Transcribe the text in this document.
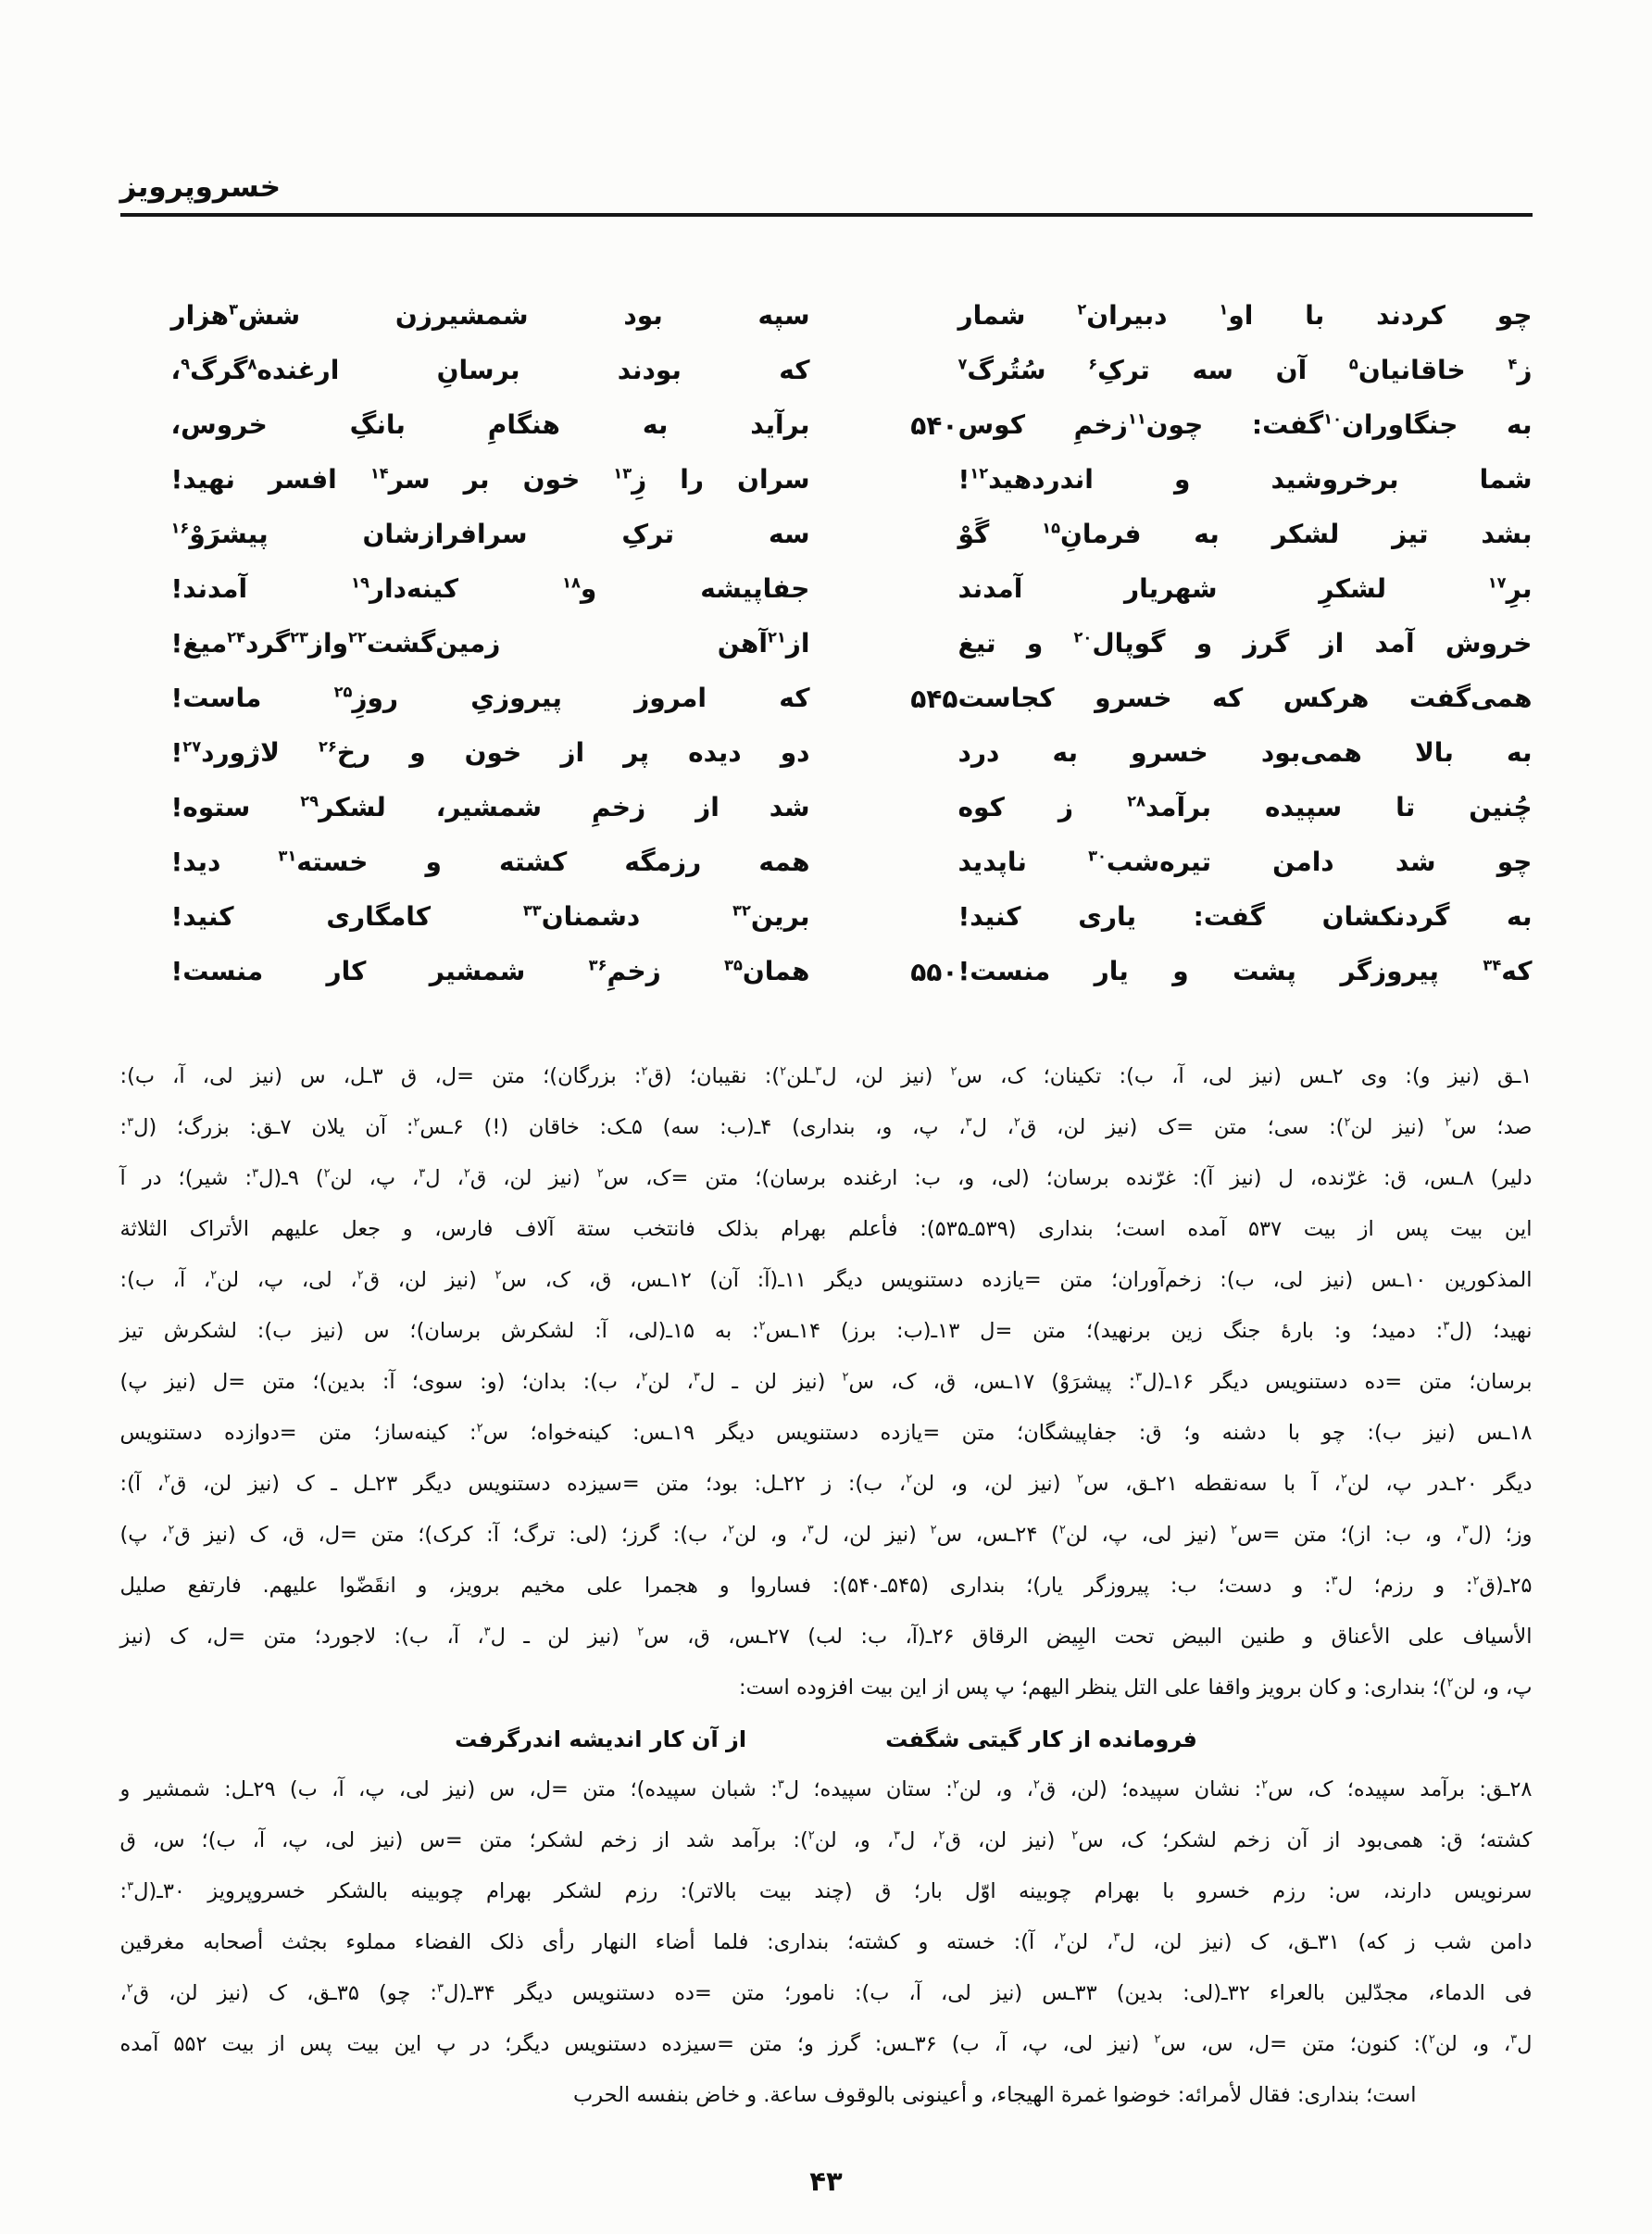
خسروپرویز
چو کردند با او$^۱$ دبیران$^۲$ شمار
سپه بود شمشیرزن شش$^۳$هزار
ز$^۴$ خاقانیان$^۵$ آن سه ترکِ$^۶$ سُتُرگ$^۷$
که بودند برسانِ ارغنده$^۸$گرگ$^۹$،
به جنگاوران$^{۱۰}$گفت: چون$^{۱۱}$زخمِ کوس
۵۴۰
برآید به هنگامِ بانگِ خروس،
شما برخروشید و اندردهید$^{۱۲}$!
سران را زِ$^{۱۳}$ خون بر سر$^{۱۴}$ افسر نهید!
بشد تیز لشکر به فرمانِ$^{۱۵}$ گَوْ
سه ترکِ سرافرازشان پیشرَوْ$^{۱۶}$
برِ$^{۱۷}$ لشکرِ شهریار آمدند
جفاپیشه و$^{۱۸}$ کینه‌دار$^{۱۹}$ آمدند!
خروش آمد از گرز و گوپال$^{۲۰}$ و تیغ
از$^{۲۱}$آهن زمین‌گشت$^{۲۲}$واز$^{۲۳}$گرد$^{۲۴}$میغ!
همی‌گفت هرکس که خسرو کجاست
۵۴۵
که امروز پیروزیِ روزِ$^{۲۵}$ ماست!
به بالا همی‌بود خسرو به درد
دو دیده پر از خون و رخ$^{۲۶}$ لاژورد$^{۲۷}$!
چُنین تا سپیده برآمد$^{۲۸}$ ز کوه
شد از زخمِ شمشیر، لشکر$^{۲۹}$ ستوه!
چو شد دامن تیره‌شب$^{۳۰}$ ناپدید
همه رزمگه کشته و خسته$^{۳۱}$ دید!
به گردنکشان گفت: یاری کنید!
برین$^{۳۲}$ دشمنان$^{۳۳}$ کامگاری کنید!
که$^{۳۴}$ پیروزگر پشت و یار منست!
۵۵۰
همان$^{۳۵}$ زخمِ$^{۳۶}$ شمشیر کار منست!
۱ـق (نیز و): وی ۲ـس (نیز لی، آ، ب): تکینان؛ ک، س$^۲$ (نیز لن، ل$^۳$ـلن$^۲$): نقیبان؛ (ق$^۲$: بزرگان)؛ متن =ل، ق ۳ـل، س (نیز لی، آ، ب):
صد؛ س$^۲$ (نیز لن$^۲$): سی؛ متن =ک (نیز لن، ق$^۲$، ل$^۳$، پ، و، بنداری) ۴ـ(ب: سه) ۵ـک: خاقان (!) ۶ـس$^۲$: آن یلان ۷ـق: بزرگ؛ (ل$^۳$:
دلیر) ۸ـس، ق: غرّنده، ل (نیز آ): غرّنده برسان؛ (لی، و، ب: ارغنده برسان)؛ متن =ک، س$^۲$ (نیز لن، ق$^۲$، ل$^۳$، پ، لن$^۲$) ۹ـ(ل$^۳$: شیر)؛ در آ
این بیت پس از بیت ۵۳۷ آمده است؛ بنداری (۵۳۹ـ۵۳۵): فأعلم بهرام بذلک فانتخب ستة آلاف فارس، و جعل علیهم الأتراک الثلاثة
المذکورین ۱۰ـس (نیز لی، ب): زخم‌آوران؛ متن =یازده دستنویس دیگر ۱۱ـ(آ: آن) ۱۲ـس، ق، ک، س$^۲$ (نیز لن، ق$^۲$، لی، پ، لن$^۲$، آ، ب):
نهید؛ (ل$^۳$: دمید؛ و: بارۀ جنگ زین برنهید)؛ متن =ل ۱۳ـ(ب: برز) ۱۴ـس$^۲$: به ۱۵ـ(لی، آ: لشکرش برسان)؛ س (نیز ب): لشکرش تیز
برسان؛ متن =ده دستنویس دیگر ۱۶ـ(ل$^۳$: پیشرَوْ) ۱۷ـس، ق، ک، س$^۲$ (نیز لن ـ ل$^۳$، لن$^۲$، ب): بدان؛ (و: سوی؛ آ: بدین)؛ متن =ل (نیز پ)
۱۸ـس (نیز ب): چو با دشنه و؛ ق: جفاپیشگان؛ متن =یازده دستنویس دیگر ۱۹ـس: کینه‌خواه؛ س$^۲$: کینه‌ساز؛ متن =دوازده دستنویس
دیگر ۲۰ـدر پ، لن$^۲$، آ با سه‌نقطه ۲۱ـق، س$^۲$ (نیز لن، و، لن$^۲$، ب): ز ۲۲ـل: بود؛ متن =سیزده دستنویس دیگر ۲۳ـل ـ ک (نیز لن، ق$^۲$، آ):
وز؛ (ل$^۳$، و، ب: از)؛ متن =س$^۲$ (نیز لی، پ، لن$^۲$) ۲۴ـس، س$^۲$ (نیز لن، ل$^۳$، و، لن$^۲$، ب): گرز؛ (لی: ترگ؛ آ: کرک)؛ متن =ل، ق، ک (نیز ق$^۲$، پ)
۲۵ـ(ق$^۲$: و رزم؛ ل$^۳$: و دست؛ ب: پیروزگر یار)؛ بنداری (۵۴۵ـ۵۴۰): فساروا و هجمرا علی مخیم برویز، و انقَضّوا علیهم. فارتفع صلیل
الأسیاف علی الأعناق و طنین البیض تحت البِیض الرقاق ۲۶ـ(آ، ب: لب) ۲۷ـس، ق، س$^۲$ (نیز لن ـ ل$^۳$، آ، ب): لاجورد؛ متن =ل، ک (نیز
پ، و، لن$^۲$)؛ بنداری: و کان برویز واقفا علی التل ینظر الیهم؛ پ پس از این بیت افزوده است:
فرومانده از کار گیتی شگفت
از آن کار اندیشه اندرگرفت
۲۸ـق: برآمد سپیده؛ ک، س$^۲$: نشان سپیده؛ (لن، ق$^۲$، و، لن$^۲$: ستان سپیده؛ ل$^۳$: شبان سپیده)؛ متن =ل، س (نیز لی، پ، آ، ب) ۲۹ـل: شمشیر و
کشته؛ ق: همی‌بود از آن زخم لشکر؛ ک، س$^۲$ (نیز لن، ق$^۲$، ل$^۳$، و، لن$^۲$): برآمد شد از زخم لشکر؛ متن =س (نیز لی، پ، آ، ب)؛ س، ق
سرنویس دارند، س: رزم خسرو با بهرام چوبینه اوّل بار؛ ق (چند بیت بالاتر): رزم لشکر بهرام چوبینه بالشکر خسروپرویز ۳۰ـ(ل$^۳$:
دامن شب ز که) ۳۱ـق، ک (نیز لن، ل$^۳$، لن$^۲$، آ): خسته و کشته؛ بنداری: فلما أضاء النهار رأی ذلک الفضاء مملوء بجثث أصحابه مغرقین
فی الدماء، مجدّلین بالعراء ۳۲ـ(لی: بدین) ۳۳ـس (نیز لی، آ، ب): نامور؛ متن =ده دستنویس دیگر ۳۴ـ(ل$^۳$: چو) ۳۵ـق، ک (نیز لن، ق$^۲$،
ل$^۳$، و، لن$^۲$): کنون؛ متن =ل، س، س$^۲$ (نیز لی، پ، آ، ب) ۳۶ـس: گرز و؛ متن =سیزده دستنویس دیگر؛ در پ این بیت پس از بیت ۵۵۲ آمده
است؛ بنداری: فقال لأمرائه: خوضوا غمرة الهیجاء، و أعینونی بالوقوف ساعة. و خاض بنفسه الحرب
۴۳
